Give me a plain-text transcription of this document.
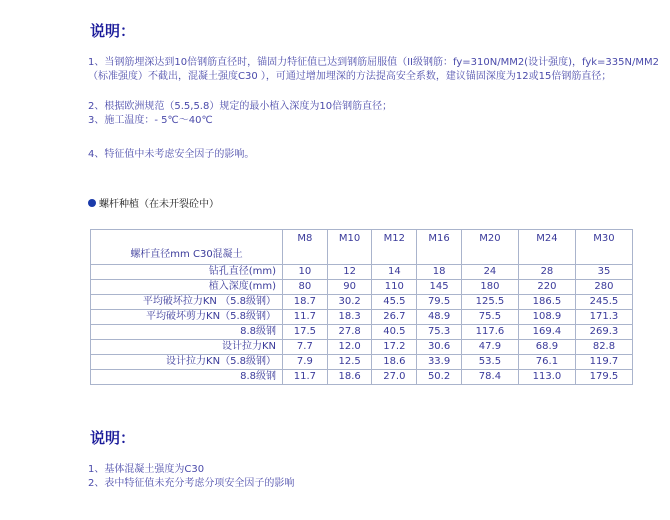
说明：
1、当钢筋埋深达到10倍钢筋直径时，锚固力特征值已达到钢筋屈服值（II级钢筋：fy=310N/MM2(设计强度)，fyk=335N/MM2（标准强度）不截出，混凝土强度C30 ），可通过增加埋深的方法提高安全系数，建议锚固深度为12或15倍钢筋直径；
2、根据欧洲规范（5.5,5.8）规定的最小植入深度为10倍钢筋直径；
3、施工温度：- 5℃～40℃
4、特征值中未考虑安全因子的影响。
螺杆种植（在未开裂砼中）
螺杆直径mm C30混凝土	M8	M10	M12	M16	M20	M24	M30
钻孔直径(mm)	10	12	14	18	24	28	35
植入深度(mm)	80	90	110	145	180	220	280
平均破坏拉力KN （5.8级钢）	18.7	30.2	45.5	79.5	125.5	186.5	245.5
平均破坏剪力KN（5.8级钢）	11.7	18.3	26.7	48.9	75.5	108.9	171.3
8.8级钢	17.5	27.8	40.5	75.3	117.6	169.4	269.3
设计拉力KN	7.7	12.0	17.2	30.6	47.9	68.9	82.8
设计拉力KN（5.8级钢）	7.9	12.5	18.6	33.9	53.5	76.1	119.7
8.8级钢	11.7	18.6	27.0	50.2	78.4	113.0	179.5
说明：
1、基体混凝土强度为C30
2、表中特征值未充分考虑分项安全因子的影响
